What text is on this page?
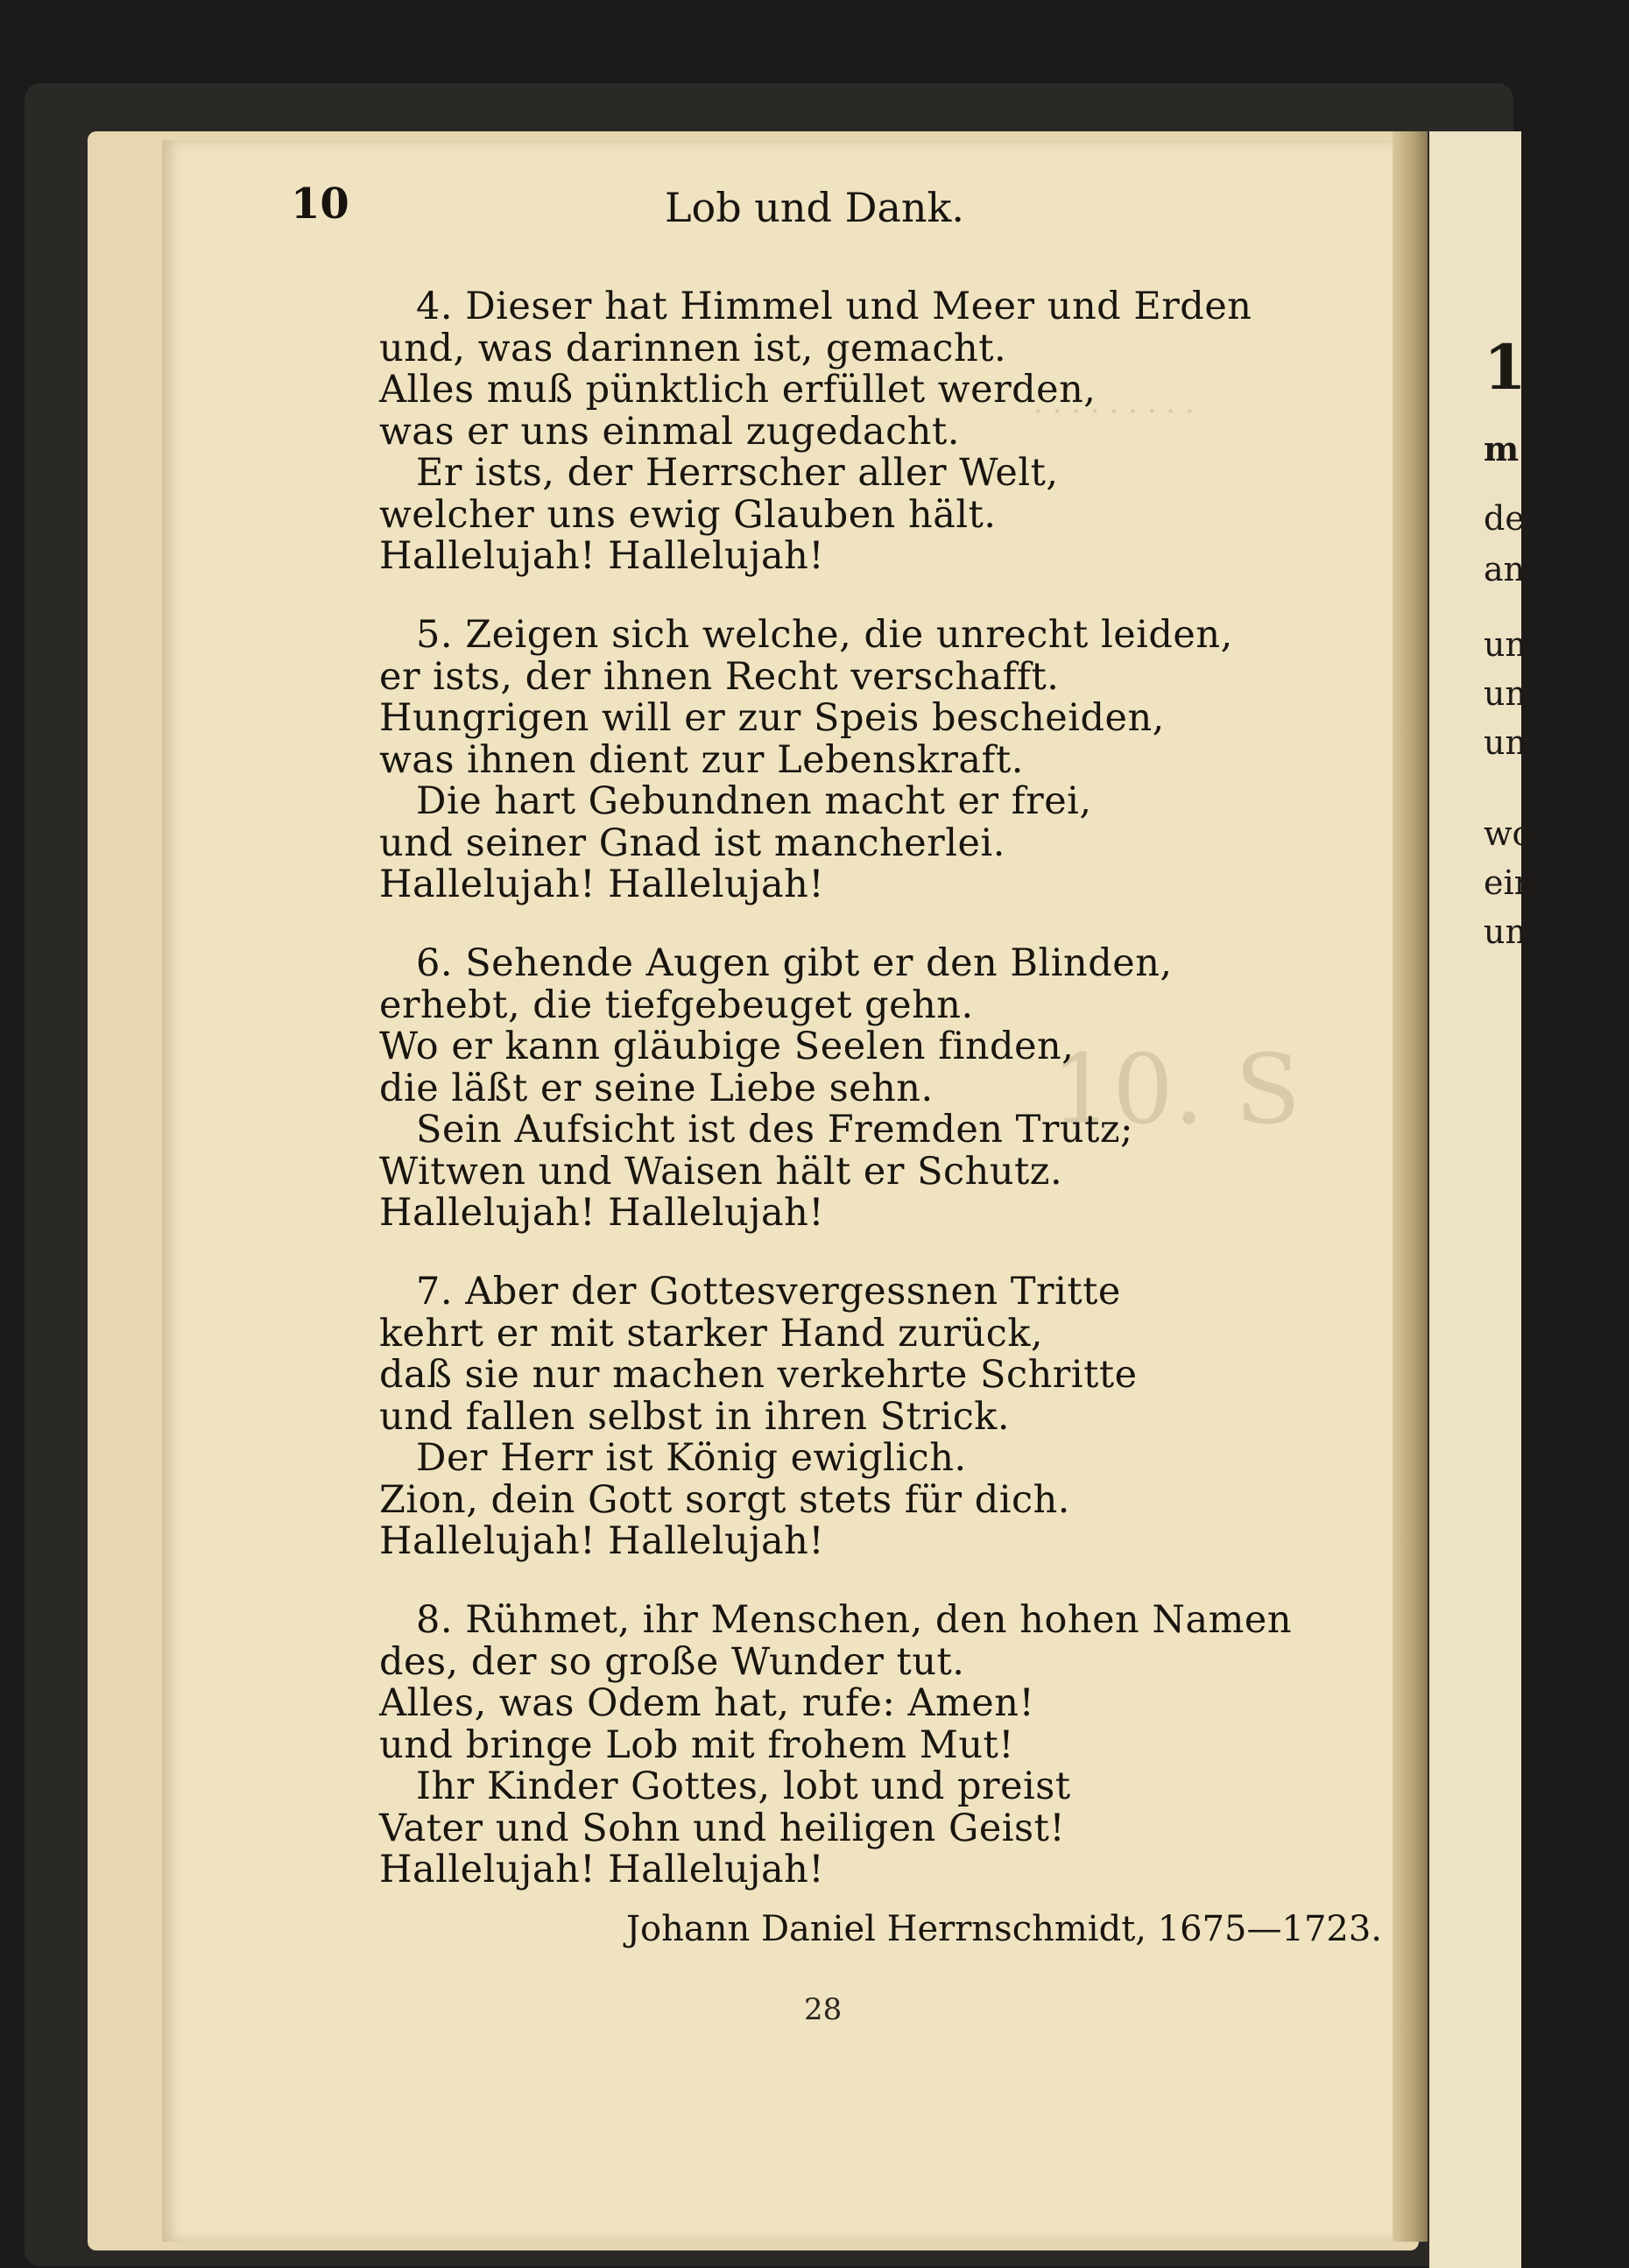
1
m
de
an
un
un
un
wo
ein
un
. . . . . . . . .
10. S
10	Lob und Dank.
4. Dieser hat Himmel und Meer und Erden
und, was darinnen ist, gemacht.
Alles muß pünktlich erfüllet werden,
was er uns einmal zugedacht.
Er ists, der Herrscher aller Welt,
welcher uns ewig Glauben hält.
Hallelujah! Hallelujah!
5. Zeigen sich welche, die unrecht leiden,
er ists, der ihnen Recht verschafft.
Hungrigen will er zur Speis bescheiden,
was ihnen dient zur Lebenskraft.
Die hart Gebundnen macht er frei,
und seiner Gnad ist mancherlei.
Hallelujah! Hallelujah!
6. Sehende Augen gibt er den Blinden,
erhebt, die tiefgebeuget gehn.
Wo er kann gläubige Seelen finden,
die läßt er seine Liebe sehn.
Sein Aufsicht ist des Fremden Trutz;
Witwen und Waisen hält er Schutz.
Hallelujah! Hallelujah!
7. Aber der Gottesvergessnen Tritte
kehrt er mit starker Hand zurück,
daß sie nur machen verkehrte Schritte
und fallen selbst in ihren Strick.
Der Herr ist König ewiglich.
Zion, dein Gott sorgt stets für dich.
Hallelujah! Hallelujah!
8. Rühmet, ihr Menschen, den hohen Namen
des, der so große Wunder tut.
Alles, was Odem hat, rufe: Amen!
und bringe Lob mit frohem Mut!
Ihr Kinder Gottes, lobt und preist
Vater und Sohn und heiligen Geist!
Hallelujah! Hallelujah!
Johann Daniel Herrnschmidt, 1675—1723.
28
